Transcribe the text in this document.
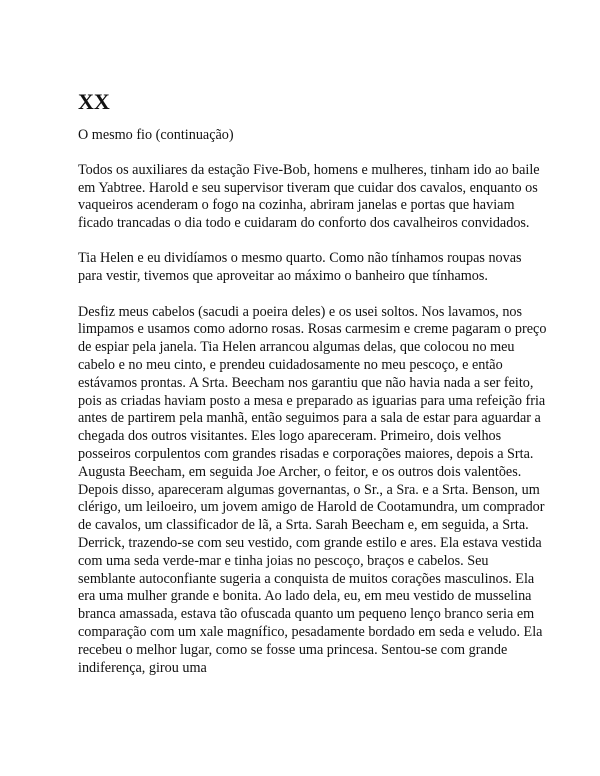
XX

O mesmo fio (continuação)

Todos os auxiliares da estação Five-Bob, homens e mulheres, tinham ido ao baile em Yabtree. Harold e seu supervisor tiveram que cuidar dos cavalos, enquanto os vaqueiros acenderam o fogo na cozinha, abriram janelas e portas que haviam ficado trancadas o dia todo e cuidaram do conforto dos cavalheiros convidados.

Tia Helen e eu dividíamos o mesmo quarto. Como não tínhamos roupas novas para vestir, tivemos que aproveitar ao máximo o banheiro que tínhamos.

Desfiz meus cabelos (sacudi a poeira deles) e os usei soltos. Nos lavamos, nos limpamos e usamos como adorno rosas. Rosas carmesim e creme pagaram o preço de espiar pela janela. Tia Helen arrancou algumas delas, que colocou no meu cabelo e no meu cinto, e prendeu cuidadosamente no meu pescoço, e então estávamos prontas. A Srta. Beecham nos garantiu que não havia nada a ser feito, pois as criadas haviam posto a mesa e preparado as iguarias para uma refeição fria antes de partirem pela manhã, então seguimos para a sala de estar para aguardar a chegada dos outros visitantes. Eles logo apareceram. Primeiro, dois velhos posseiros corpulentos com grandes risadas e corporações maiores, depois a Srta. Augusta Beecham, em seguida Joe Archer, o feitor, e os outros dois valentões. Depois disso, apareceram algumas governantas, o Sr., a Sra. e a Srta. Benson, um clérigo, um leiloeiro, um jovem amigo de Harold de Cootamundra, um comprador de cavalos, um classificador de lã, a Srta. Sarah Beecham e, em seguida, a Srta. Derrick, trazendo-se com seu vestido, com grande estilo e ares. Ela estava vestida com uma seda verde-mar e tinha joias no pescoço, braços e cabelos. Seu semblante autoconfiante sugeria a conquista de muitos corações masculinos. Ela era uma mulher grande e bonita. Ao lado dela, eu, em meu vestido de musselina branca amassada, estava tão ofuscada quanto um pequeno lenço branco seria em comparação com um xale magnífico, pesadamente bordado em seda e veludo. Ela recebeu o melhor lugar, como se fosse uma princesa. Sentou-se com grande indiferença, girou uma
